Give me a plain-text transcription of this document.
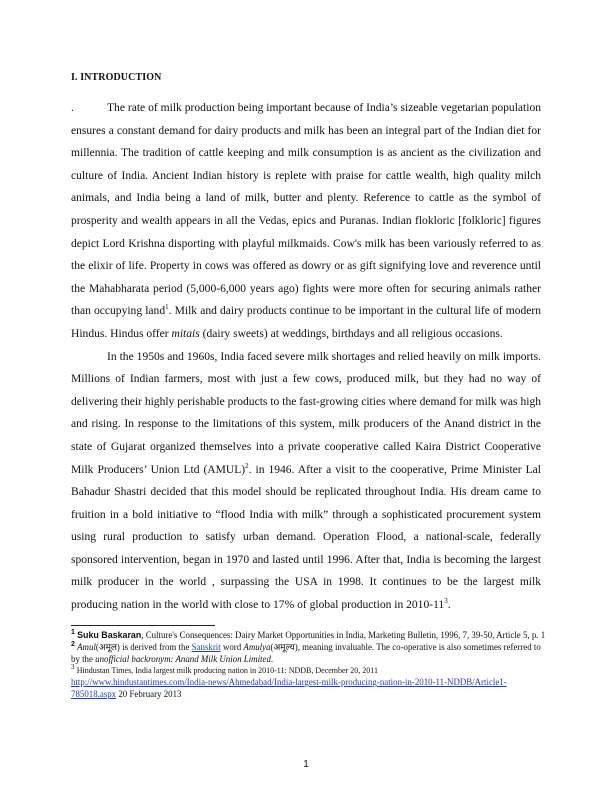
I. INTRODUCTION

.	The rate of milk production being important because of India’s sizeable vegetarian population ensures a constant demand for dairy products and milk has been an integral part of the Indian diet for millennia. The tradition of cattle keeping and milk consumption is as ancient as the civilization and culture of India. Ancient Indian history is replete with praise for cattle wealth, high quality milch animals, and India being a land of milk, butter and plenty. Reference to cattle as the symbol of prosperity and wealth appears in all the Vedas, epics and Puranas. Indian flokloric [folkloric] figures depict Lord Krishna disporting with playful milkmaids. Cow's milk has been variously referred to as the elixir of life. Property in cows was offered as dowry or as gift signifying love and reverence until the Mahabharata period (5,000-6,000 years ago) fights were more often for securing animals rather than occupying land$^1$. Milk and dairy products continue to be important in the cultural life of modern Hindus. Hindus offer mitais (dairy sweets) at weddings, birthdays and all religious occasions.

In the 1950s and 1960s, India faced severe milk shortages and relied heavily on milk imports. Millions of Indian farmers, most with just a few cows, produced milk, but they had no way of delivering their highly perishable products to the fast-growing cities where demand for milk was high and rising. In response to the limitations of this system, milk producers of the Anand district in the state of Gujarat organized themselves into a private cooperative called Kaira District Cooperative Milk Producers’ Union Ltd (AMUL)$^2$. in 1946. After a visit to the cooperative, Prime Minister Lal Bahadur Shastri decided that this model should be replicated throughout India. His dream came to fruition in a bold initiative to “flood India with milk” through a sophisticated procurement system using rural production to satisfy urban demand. Operation Flood, a national-scale, federally sponsored intervention, began in 1970 and lasted until 1996. After that, India is becoming the largest milk producer in the world , surpassing the USA in 1998. It continues to be the largest milk producing nation in the world with close to 17% of global production in $2010-11^3$.

$^1$ Suku Baskaran, Culture's Consequences: Dairy Market Opportunities in India, Marketing Bulletin, 1996, 7, 39-50, Article 5, p. 1

$^2$ Amul(अमूल) is derived from the Sanskrit word Amulya(अमूल्य), meaning invaluable. The co-operative is also sometimes referred to by the unofficial backronym: Anand Milk Union Limited.

$^3$ Hindustan Times, India largest milk producing nation in 2010-11: NDDB, December 20, 2011
http://www.hindustantimes.com/India-news/Ahmedabad/India-largest-milk-producing-nation-in-2010-11-NDDB/Article1-785018.aspx 20 February 2013

1
